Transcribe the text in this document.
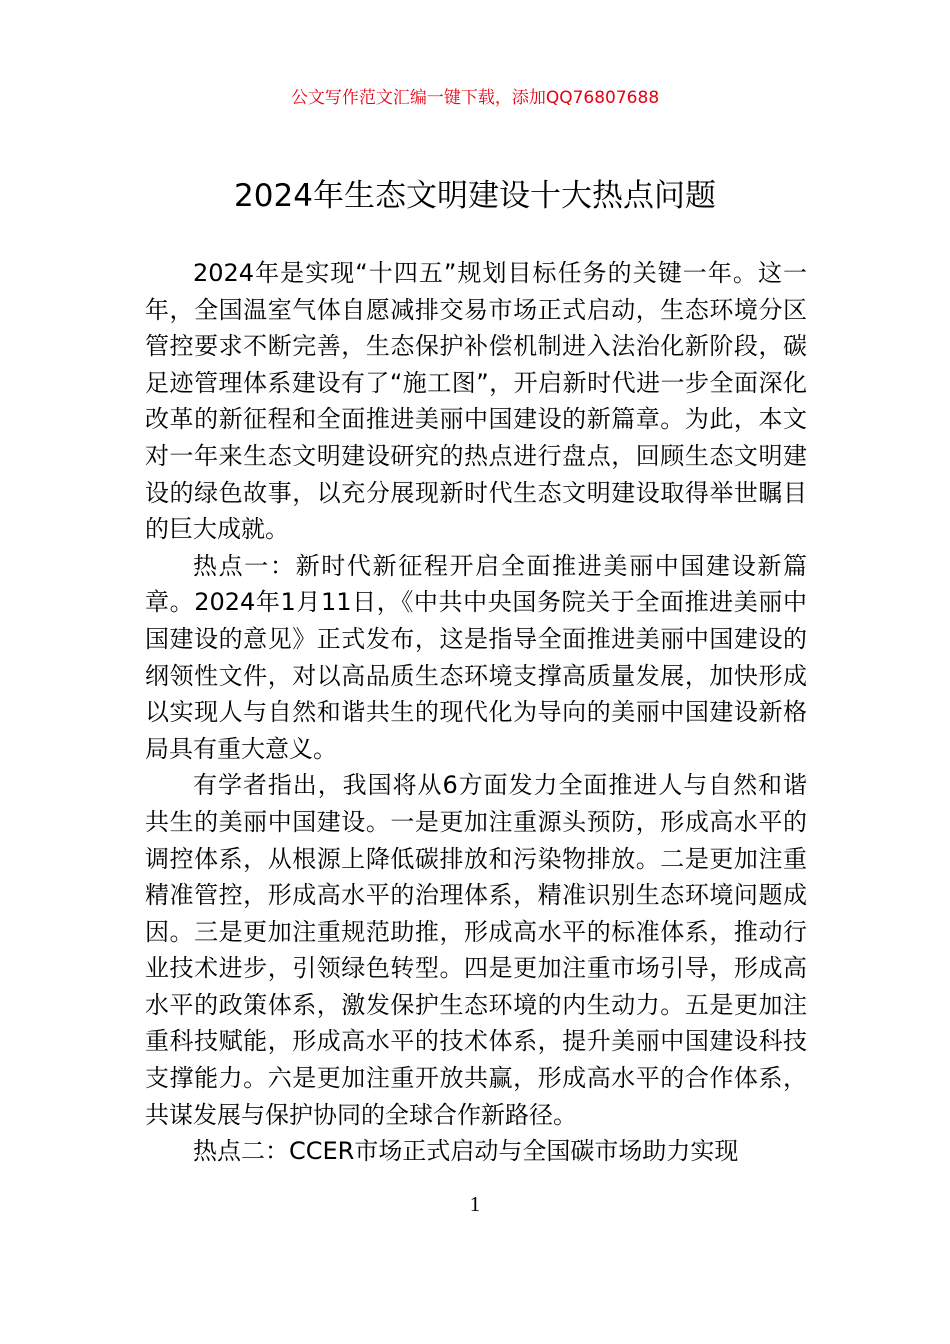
公文写作范文汇编一键下载，添加QQ76807688
2024年生态文明建设十大热点问题

2024年是实现“十四五”规划目标任务的关键一年。这一年，全国温室气体自愿减排交易市场正式启动，生态环境分区管控要求不断完善，生态保护补偿机制进入法治化新阶段，碳足迹管理体系建设有了“施工图”，开启新时代进一步全面深化改革的新征程和全面推进美丽中国建设的新篇章。为此，本文对一年来生态文明建设研究的热点进行盘点，回顾生态文明建设的绿色故事，以充分展现新时代生态文明建设取得举世瞩目的巨大成就。

热点一：新时代新征程开启全面推进美丽中国建设新篇章。2024年1月11日，《中共中央国务院关于全面推进美丽中国建设的意见》正式发布，这是指导全面推进美丽中国建设的纲领性文件，对以高品质生态环境支撑高质量发展，加快形成以实现人与自然和谐共生的现代化为导向的美丽中国建设新格局具有重大意义。

有学者指出，我国将从6方面发力全面推进人与自然和谐共生的美丽中国建设。一是更加注重源头预防，形成高水平的调控体系，从根源上降低碳排放和污染物排放。二是更加注重精准管控，形成高水平的治理体系，精准识别生态环境问题成因。三是更加注重规范助推，形成高水平的标准体系，推动行业技术进步，引领绿色转型。四是更加注重市场引导，形成高水平的政策体系，激发保护生态环境的内生动力。五是更加注重科技赋能，形成高水平的技术体系，提升美丽中国建设科技支撑能力。六是更加注重开放共赢，形成高水平的合作体系，共谋发展与保护协同的全球合作新路径。

热点二：CCER市场正式启动与全国碳市场助力实现

1
